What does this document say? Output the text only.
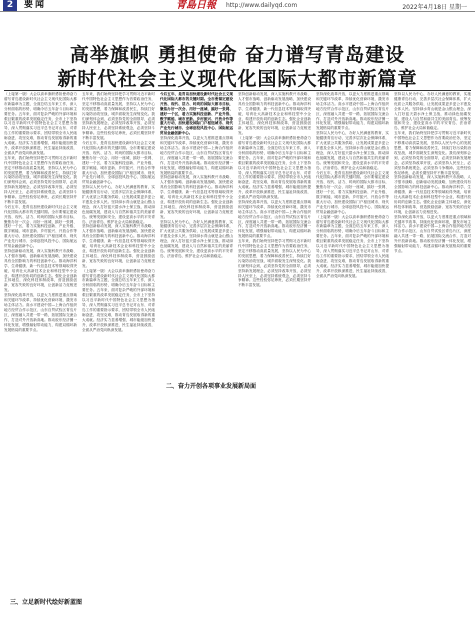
2	要闻	青島日報 http://www.dailyqd.com	2022年4月18日 星期一
高举旗帜 勇担使命 奋力谱写青岛建设
新时代社会主义现代化国际大都市新篇章
（上接第一版）大会以高举旗帜勇担使命奋力谱写青岛建设新时代社会主义现代化国际大都市新篇章为主题，全面总结五年来工作，深入分析面临的形势，明确今后五年奋斗目标和主要任务。五年来，面对复杂严峻的外部环境和艰巨繁重的改革发展稳定任务，全市上下坚持以习近平新时代中国特色社会主义思想为指导，深入贯彻落实习近平总书记对山东、对青岛工作的重要指示要求，团结带领全市人民砥砺奋进、攻坚克难，推动青岛发展取得新的重大成就。经济实力显著增强，城市能级加快提升，改革开放纵深推进，民生福祉持续改善，全面从严治党向纵深发展。
五年来，我们始终坚持把学习贯彻习近平新时代中国特色社会主义思想作为首要政治任务，坚定不移推动高质量发展，坚持以人民为中心的发展思想，着力保障和改善民生，持续打好污染防治攻坚战，城乡面貌发生深刻变化。我们深刻体会到，必须坚持党的全面领导，必须坚持新发展理念，必须坚持改革开放，必须坚持人民至上，必须坚持系统观念，必须坚持斗争精神。这些经验弥足珍贵，必须长期坚持并不断丰富发展。
今后五年，是青岛加快建设新时代社会主义现代化国际大都市的关键时期。全市要锚定建设开放、现代、活力、时尚的国际大都市目标，聚焦办好一次会、用好一座城、搞好一张网、建好一个区，着力实施科技创新、产业升级、数字赋能、城市更新、乡村振兴、开放合作等重大行动，加快建设国际门户枢纽城市、现代产业先行城市、全球创投风投中心、国际航运贸易金融创新中心。
坚持创新驱动发展，深入实施科教兴市战略、人才强市战略、创新驱动发展战略，加快建设具有全国影响力的科技创新中心。推动海洋科学、生命健康、新一代信息技术等领域取得突破，培育壮大高新技术企业和科技型中小企业，构建开放协同的创新生态。强化企业创新主体地位，深化科技体制改革，营造鼓励创新、宽容失败的良好环境，让创新活力竞相迸发。
坚持深化改革开放，以更大力度推进重点领域和关键环节改革，持续优化营商环境，激发市场主体活力。高水平建设中国—上海合作组织地方经贸合作示范区、山东自贸试验区青岛片区，深度融入共建一带一路，拓展国际交流合作，打造对外开放新高地。推动胶东经济圈一体化发展，增强辐射带动能力，构建双循环新发展格局的重要节点。
五年来，我们始终坚持把学习贯彻习近平新时代中国特色社会主义思想作为首要政治任务，坚定不移推动高质量发展，坚持以人民为中心的发展思想，着力保障和改善民生，持续打好污染防治攻坚战，城乡面貌发生深刻变化。我们深刻体会到，必须坚持党的全面领导，必须坚持新发展理念，必须坚持改革开放，必须坚持人民至上，必须坚持系统观念，必须坚持斗争精神。这些经验弥足珍贵，必须长期坚持并不断丰富发展。
今后五年，是青岛加快建设新时代社会主义现代化国际大都市的关键时期。全市要锚定建设开放、现代、活力、时尚的国际大都市目标，聚焦办好一次会、用好一座城、搞好一张网、建好一个区，着力实施科技创新、产业升级、数字赋能、城市更新、乡村振兴、开放合作等重大行动，加快建设国际门户枢纽城市、现代产业先行城市、全球创投风投中心、国际航运贸易金融创新中心。
坚持以人民为中心，办好人民满意的教育，实施健康青岛行动，完善多层次社会保障体系，扩大优质公共服务供给，让发展成果更多更公平惠及全体人民。坚持绿水青山就是金山银山理念，深入打好蓝天碧水净土保卫战，推动绿色低碳发展，建设人与自然和谐共生的美丽青岛。统筹发展和安全，建设更高水平的平安青岛、法治青岛，维护社会大局和谐稳定。
坚持创新驱动发展，深入实施科教兴市战略、人才强市战略、创新驱动发展战略，加快建设具有全国影响力的科技创新中心。推动海洋科学、生命健康、新一代信息技术等领域取得突破，培育壮大高新技术企业和科技型中小企业，构建开放协同的创新生态。强化企业创新主体地位，深化科技体制改革，营造鼓励创新、宽容失败的良好环境，让创新活力竞相迸发。
（上接第一版）大会以高举旗帜勇担使命奋力谱写青岛建设新时代社会主义现代化国际大都市新篇章为主题，全面总结五年来工作，深入分析面临的形势，明确今后五年奋斗目标和主要任务。五年来，面对复杂严峻的外部环境和艰巨繁重的改革发展稳定任务，全市上下坚持以习近平新时代中国特色社会主义思想为指导，深入贯彻落实习近平总书记对山东、对青岛工作的重要指示要求，团结带领全市人民砥砺奋进、攻坚克难，推动青岛发展取得新的重大成就。经济实力显著增强，城市能级加快提升，改革开放纵深推进，民生福祉持续改善，全面从严治党向纵深发展。
今后五年，是青岛加快建设新时代社会主义现代化国际大都市的关键时期。全市要锚定建设开放、现代、活力、时尚的国际大都市目标，聚焦办好一次会、用好一座城、搞好一张网、建好一个区，着力实施科技创新、产业升级、数字赋能、城市更新、乡村振兴、开放合作等重大行动，加快建设国际门户枢纽城市、现代产业先行城市、全球创投风投中心、国际航运贸易金融创新中心。
坚持深化改革开放，以更大力度推进重点领域和关键环节改革，持续优化营商环境，激发市场主体活力。高水平建设中国—上海合作组织地方经贸合作示范区、山东自贸试验区青岛片区，深度融入共建一带一路，拓展国际交流合作，打造对外开放新高地。推动胶东经济圈一体化发展，增强辐射带动能力，构建双循环新发展格局的重要节点。
坚持创新驱动发展，深入实施科教兴市战略、人才强市战略、创新驱动发展战略，加快建设具有全国影响力的科技创新中心。推动海洋科学、生命健康、新一代信息技术等领域取得突破，培育壮大高新技术企业和科技型中小企业，构建开放协同的创新生态。强化企业创新主体地位，深化科技体制改革，营造鼓励创新、宽容失败的良好环境，让创新活力竞相迸发。
坚持以人民为中心，办好人民满意的教育，实施健康青岛行动，完善多层次社会保障体系，扩大优质公共服务供给，让发展成果更多更公平惠及全体人民。坚持绿水青山就是金山银山理念，深入打好蓝天碧水净土保卫战，推动绿色低碳发展，建设人与自然和谐共生的美丽青岛。统筹发展和安全，建设更高水平的平安青岛、法治青岛，维护社会大局和谐稳定。
坚持创新驱动发展，深入实施科教兴市战略、人才强市战略、创新驱动发展战略，加快建设具有全国影响力的科技创新中心。推动海洋科学、生命健康、新一代信息技术等领域取得突破，培育壮大高新技术企业和科技型中小企业，构建开放协同的创新生态。强化企业创新主体地位，深化科技体制改革，营造鼓励创新、宽容失败的良好环境，让创新活力竞相迸发。
（上接第一版）大会以高举旗帜勇担使命奋力谱写青岛建设新时代社会主义现代化国际大都市新篇章为主题，全面总结五年来工作，深入分析面临的形势，明确今后五年奋斗目标和主要任务。五年来，面对复杂严峻的外部环境和艰巨繁重的改革发展稳定任务，全市上下坚持以习近平新时代中国特色社会主义思想为指导，深入贯彻落实习近平总书记对山东、对青岛工作的重要指示要求，团结带领全市人民砥砺奋进、攻坚克难，推动青岛发展取得新的重大成就。经济实力显著增强，城市能级加快提升，改革开放纵深推进，民生福祉持续改善，全面从严治党向纵深发展。
坚持深化改革开放，以更大力度推进重点领域和关键环节改革，持续优化营商环境，激发市场主体活力。高水平建设中国—上海合作组织地方经贸合作示范区、山东自贸试验区青岛片区，深度融入共建一带一路，拓展国际交流合作，打造对外开放新高地。推动胶东经济圈一体化发展，增强辐射带动能力，构建双循环新发展格局的重要节点。
五年来，我们始终坚持把学习贯彻习近平新时代中国特色社会主义思想作为首要政治任务，坚定不移推动高质量发展，坚持以人民为中心的发展思想，着力保障和改善民生，持续打好污染防治攻坚战，城乡面貌发生深刻变化。我们深刻体会到，必须坚持党的全面领导，必须坚持新发展理念，必须坚持改革开放，必须坚持人民至上，必须坚持系统观念，必须坚持斗争精神。这些经验弥足珍贵，必须长期坚持并不断丰富发展。
坚持深化改革开放，以更大力度推进重点领域和关键环节改革，持续优化营商环境，激发市场主体活力。高水平建设中国—上海合作组织地方经贸合作示范区、山东自贸试验区青岛片区，深度融入共建一带一路，拓展国际交流合作，打造对外开放新高地。推动胶东经济圈一体化发展，增强辐射带动能力，构建双循环新发展格局的重要节点。
坚持以人民为中心，办好人民满意的教育，实施健康青岛行动，完善多层次社会保障体系，扩大优质公共服务供给，让发展成果更多更公平惠及全体人民。坚持绿水青山就是金山银山理念，深入打好蓝天碧水净土保卫战，推动绿色低碳发展，建设人与自然和谐共生的美丽青岛。统筹发展和安全，建设更高水平的平安青岛、法治青岛，维护社会大局和谐稳定。
今后五年，是青岛加快建设新时代社会主义现代化国际大都市的关键时期。全市要锚定建设开放、现代、活力、时尚的国际大都市目标，聚焦办好一次会、用好一座城、搞好一张网、建好一个区，着力实施科技创新、产业升级、数字赋能、城市更新、乡村振兴、开放合作等重大行动，加快建设国际门户枢纽城市、现代产业先行城市、全球创投风投中心、国际航运贸易金融创新中心。
（上接第一版）大会以高举旗帜勇担使命奋力谱写青岛建设新时代社会主义现代化国际大都市新篇章为主题，全面总结五年来工作，深入分析面临的形势，明确今后五年奋斗目标和主要任务。五年来，面对复杂严峻的外部环境和艰巨繁重的改革发展稳定任务，全市上下坚持以习近平新时代中国特色社会主义思想为指导，深入贯彻落实习近平总书记对山东、对青岛工作的重要指示要求，团结带领全市人民砥砺奋进、攻坚克难，推动青岛发展取得新的重大成就。经济实力显著增强，城市能级加快提升，改革开放纵深推进，民生福祉持续改善，全面从严治党向纵深发展。
坚持以人民为中心，办好人民满意的教育，实施健康青岛行动，完善多层次社会保障体系，扩大优质公共服务供给，让发展成果更多更公平惠及全体人民。坚持绿水青山就是金山银山理念，深入打好蓝天碧水净土保卫战，推动绿色低碳发展，建设人与自然和谐共生的美丽青岛。统筹发展和安全，建设更高水平的平安青岛、法治青岛，维护社会大局和谐稳定。
五年来，我们始终坚持把学习贯彻习近平新时代中国特色社会主义思想作为首要政治任务，坚定不移推动高质量发展，坚持以人民为中心的发展思想，着力保障和改善民生，持续打好污染防治攻坚战，城乡面貌发生深刻变化。我们深刻体会到，必须坚持党的全面领导，必须坚持新发展理念，必须坚持改革开放，必须坚持人民至上，必须坚持系统观念，必须坚持斗争精神。这些经验弥足珍贵，必须长期坚持并不断丰富发展。
坚持创新驱动发展，深入实施科教兴市战略、人才强市战略、创新驱动发展战略，加快建设具有全国影响力的科技创新中心。推动海洋科学、生命健康、新一代信息技术等领域取得突破，培育壮大高新技术企业和科技型中小企业，构建开放协同的创新生态。强化企业创新主体地位，深化科技体制改革，营造鼓励创新、宽容失败的良好环境，让创新活力竞相迸发。
坚持深化改革开放，以更大力度推进重点领域和关键环节改革，持续优化营商环境，激发市场主体活力。高水平建设中国—上海合作组织地方经贸合作示范区、山东自贸试验区青岛片区，深度融入共建一带一路，拓展国际交流合作，打造对外开放新高地。推动胶东经济圈一体化发展，增强辐射带动能力，构建双循环新发展格局的重要节点。
三、立足新时代绘好新蓝图
二、奋力开创各项事业发展新局面
